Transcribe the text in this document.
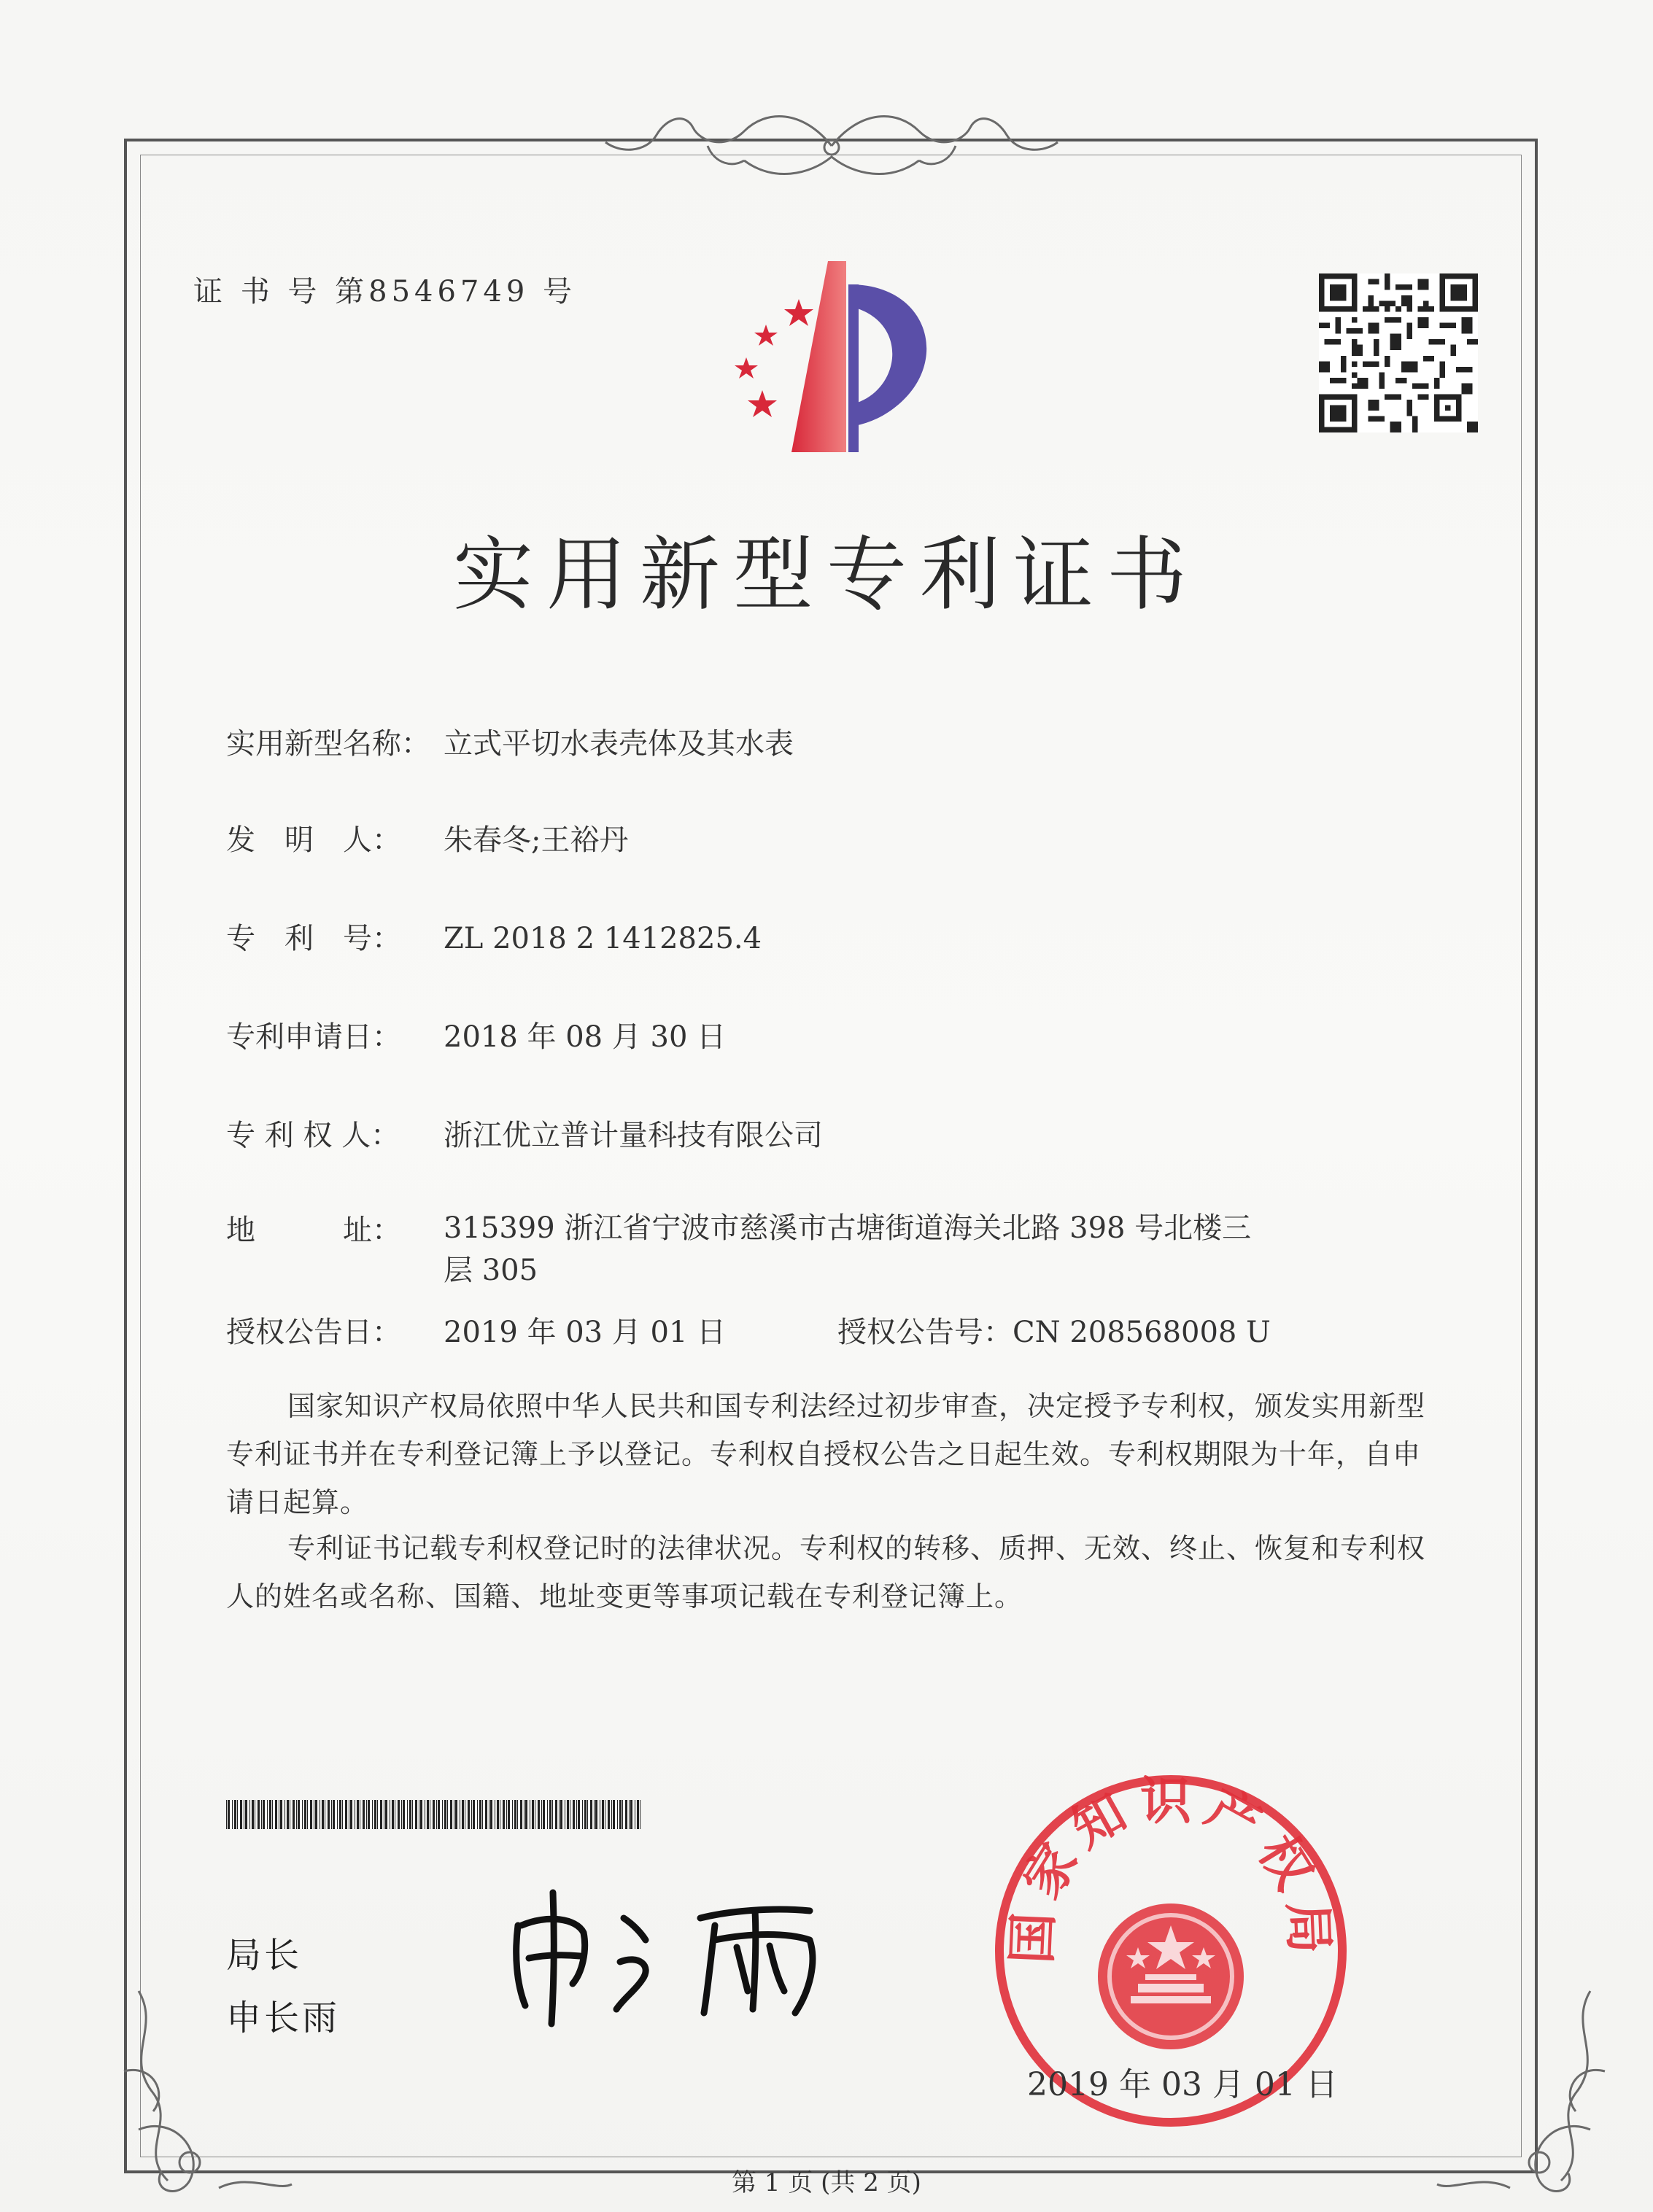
证 书 号 第8546749 号
实用新型专利证书
实用新型名称： 立式平切水表壳体及其水表
发　明　人： 朱春冬;王裕丹
专　利　号： ZL 2018 2 1412825.4
专利申请日： 2018 年 08 月 30 日
专 利 权 人： 浙江优立普计量科技有限公司
地　　　址： 315399 浙江省宁波市慈溪市古塘街道海关北路 398 号北楼三层 305
授权公告日： 2019 年 03 月 01 日	授权公告号：CN 208568008 U
国家知识产权局依照中华人民共和国专利法经过初步审查，决定授予专利权，颁发实用新型专利证书并在专利登记簿上予以登记。专利权自授权公告之日起生效。专利权期限为十年，自申请日起算。
专利证书记载专利权登记时的法律状况。专利权的转移、质押、无效、终止、恢复和专利权人的姓名或名称、国籍、地址变更等事项记载在专利登记簿上。
局长
申长雨
国家知识产权局
2019 年 03 月 01 日
第 1 页 (共 2 页)
